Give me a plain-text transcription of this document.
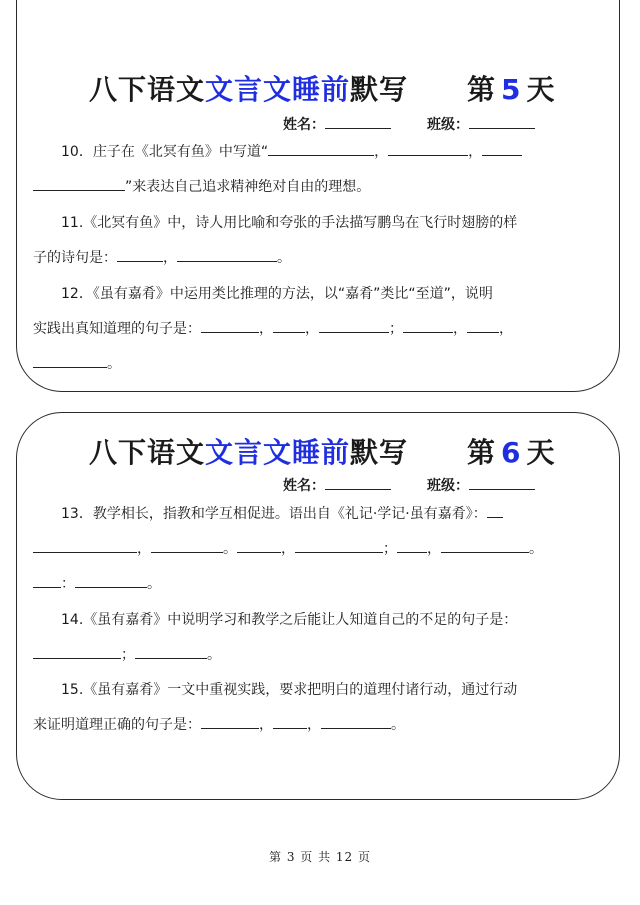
八下语文文言文睡前默写 第 5 天
姓名：	班级：
10．庄子在《北冥有鱼》中写道“	，	，
”来表达自己追求精神绝对自由的理想。
11.《北冥有鱼》中，诗人用比喻和夸张的手法描写鹏鸟在飞行时翅膀的样
子的诗句是：	，	。
12．《虽有嘉肴》中运用类比推理的方法，以“嘉肴”类比“至道”，说明
实践出真知道理的句子是：	， ，	；	， ，
。
八下语文文言文睡前默写 第 6 天
姓名：	班级：
13．教学相长，指教和学互相促进。语出自《礼记·学记·虽有嘉肴》：
，	。	，	； ，	。
：	。
14.《虽有嘉肴》中说明学习和教学之后能让人知道自己的不足的句子是：
；	。
15.《虽有嘉肴》一文中重视实践，要求把明白的道理付诸行动，通过行动
来证明道理正确的句子是：	， ，	。
第 3 页 共 12 页
